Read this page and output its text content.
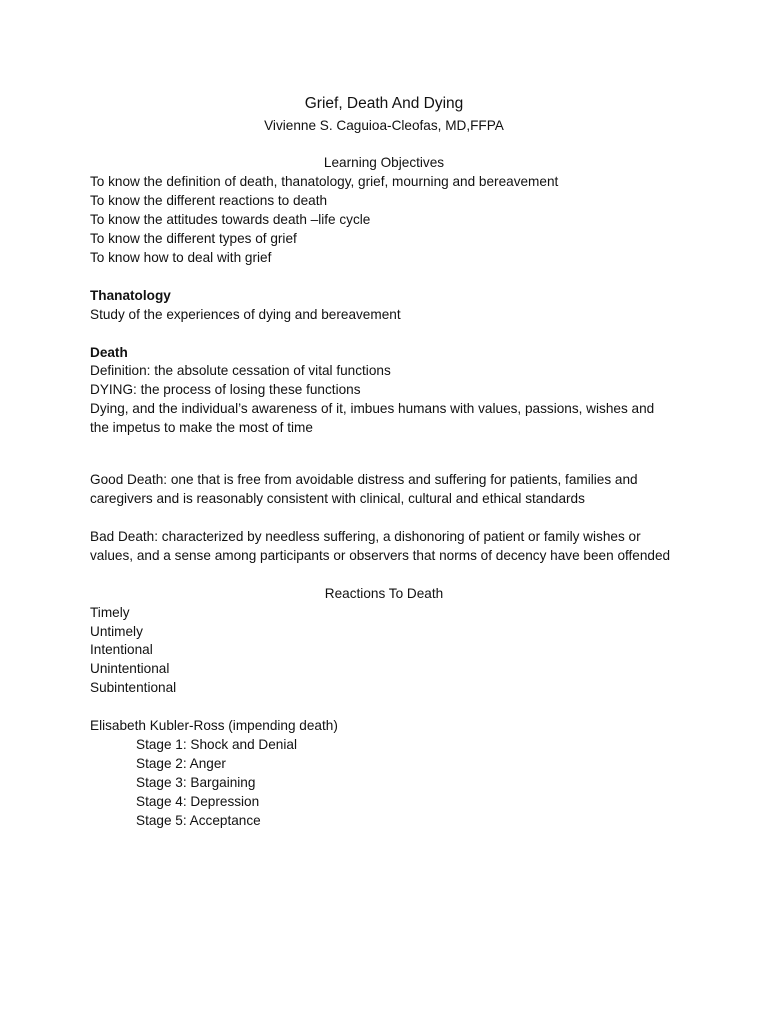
Grief, Death And Dying
Vivienne S. Caguioa-Cleofas, MD,FFPA
Learning Objectives
To know the definition of death, thanatology, grief, mourning and bereavement
To know the different reactions to death
To know the attitudes towards death –life cycle
To know the different types of grief
To know how to deal with grief
Thanatology
Study of the experiences of dying and bereavement
Death
Definition: the absolute cessation of vital functions
DYING: the process of losing these functions
Dying, and the individual’s awareness of it, imbues humans with values, passions, wishes and
the impetus to make the most of time
Good Death: one that is free from avoidable distress and suffering for patients, families and
caregivers and is reasonably consistent with clinical, cultural and ethical standards
Bad Death: characterized by needless suffering, a dishonoring of patient or family wishes or
values, and a sense among participants or observers that norms of decency have been offended
Reactions To Death
Timely
Untimely
Intentional
Unintentional
Subintentional
Elisabeth Kubler-Ross (impending death)
Stage 1: Shock and Denial
Stage 2: Anger
Stage 3: Bargaining
Stage 4: Depression
Stage 5: Acceptance
